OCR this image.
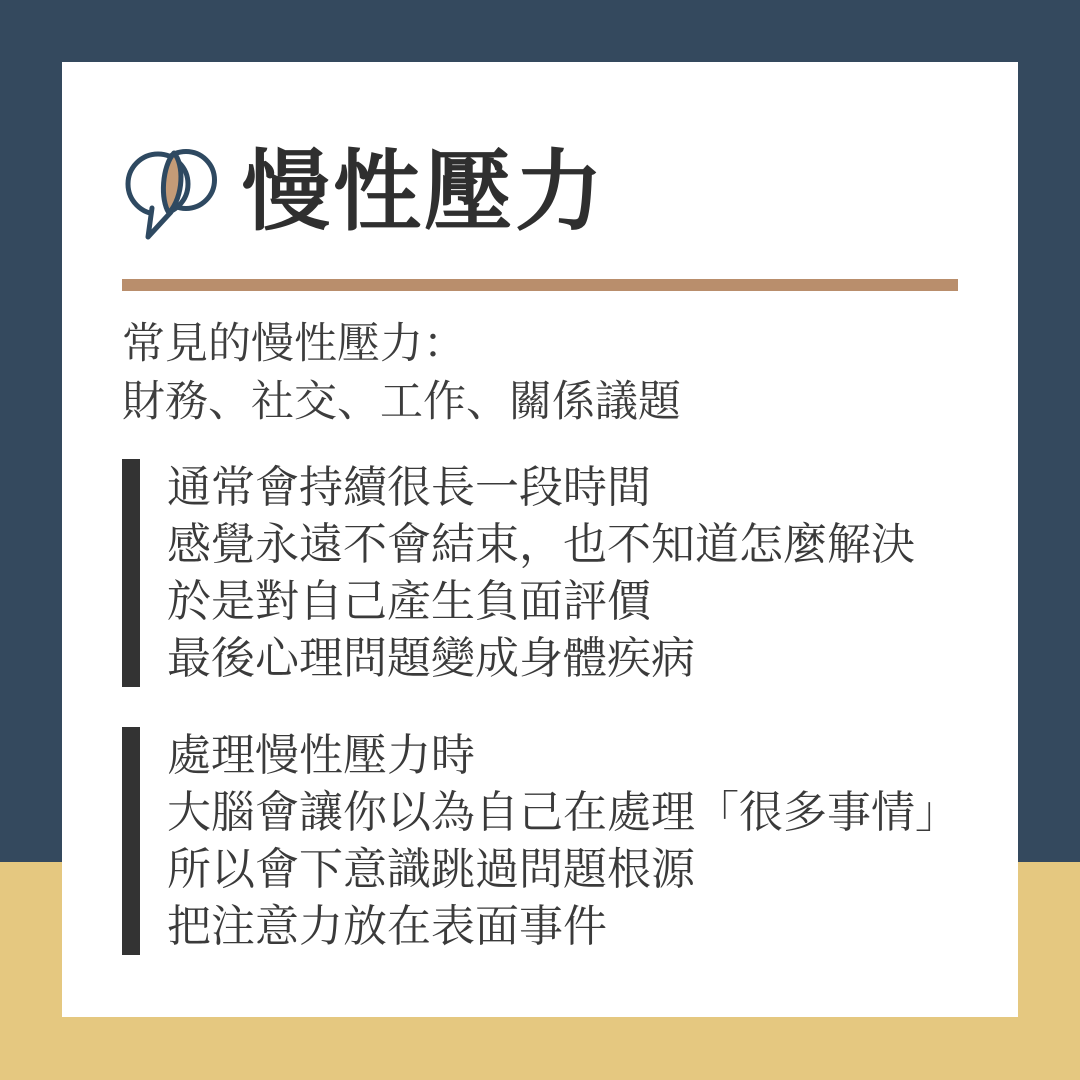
慢性壓力

常見的慢性壓力：

財務、社交、工作、關係議題

通常會持續很長一段時間

感覺永遠不會結束，也不知道怎麼解決

於是對自己產生負面評價

最後心理問題變成身體疾病

處理慢性壓力時

大腦會讓你以為自己在處理「很多事情」

所以會下意識跳過問題根源

把注意力放在表面事件
